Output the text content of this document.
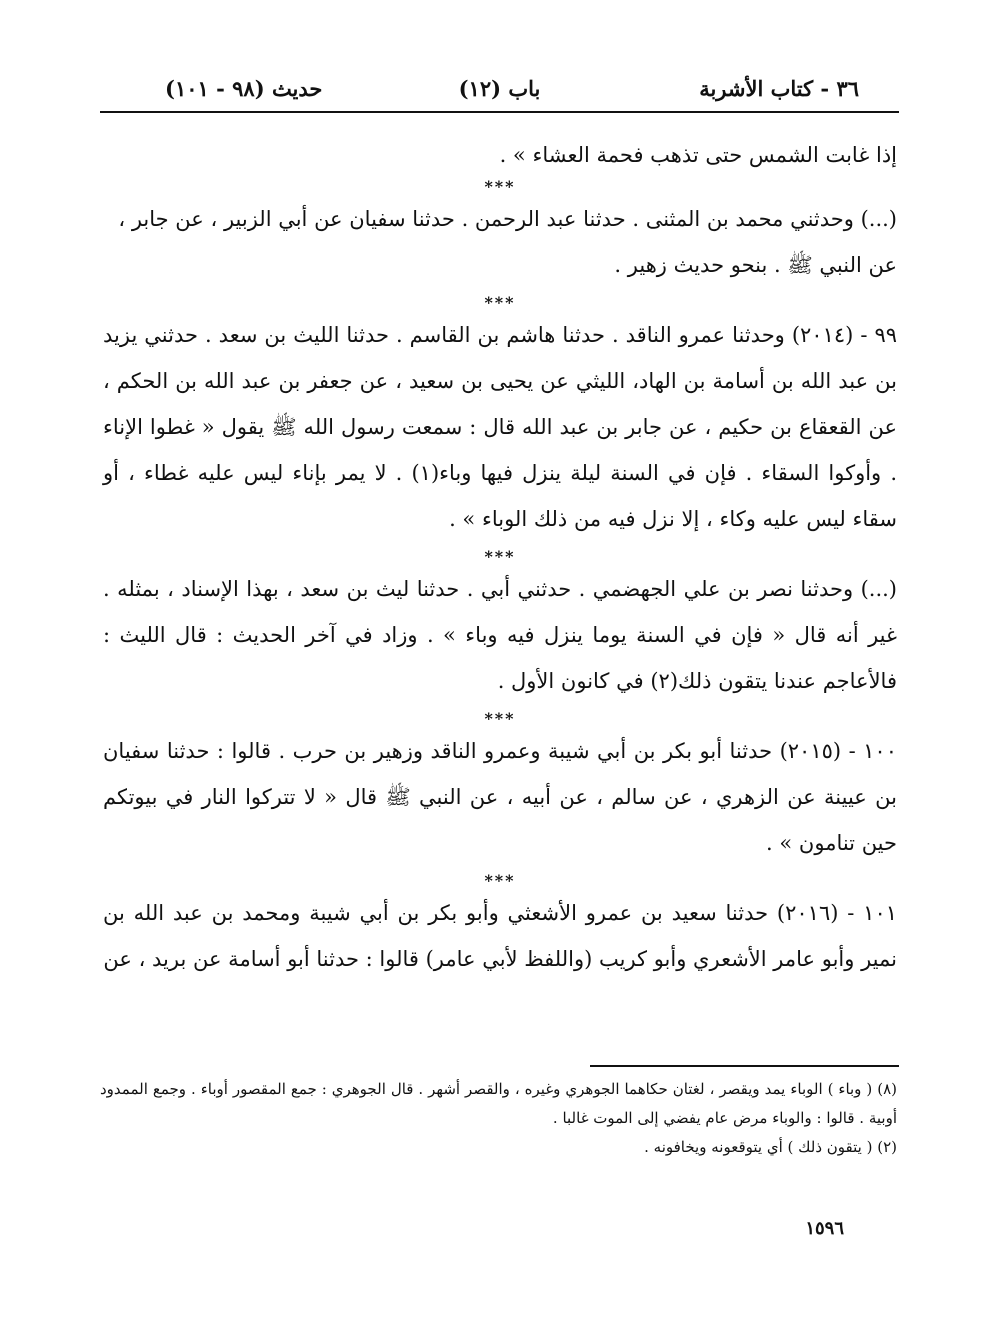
٣٦ - كتاب الأشربة
(١٢) باب
(٩٨ - ١٠١) حديث

إذا غابت الشمس حتى تذهب فحمة العشاء » .

***

(...) وحدثني محمد بن المثنى . حدثنا عبد الرحمن . حدثنا سفيان عن أبي الزبير ، عن جابر ،

عن النبي ﷺ . بنحو حديث زهير .

***

٩٩ - (٢٠١٤) وحدثنا عمرو الناقد . حدثنا هاشم بن القاسم . حدثنا الليث بن سعد . حدثني يزيد بن عبد الله بن أسامة بن الهاد، الليثي عن يحيى بن سعيد ، عن جعفر بن عبد الله بن الحكم ، عن القعقاع بن حكيم ، عن جابر بن عبد الله قال : سمعت رسول الله ﷺ يقول « غطوا الإناء . وأوكوا السقاء . فإن في السنة ليلة ينزل فيها وباء(١) . لا يمر بإناء ليس عليه غطاء ، أو سقاء ليس عليه وكاء ، إلا نزل فيه من ذلك الوباء » .

***

(...) وحدثنا نصر بن علي الجهضمي . حدثني أبي . حدثنا ليث بن سعد ، بهذا الإسناد ، بمثله . غير أنه قال « فإن في السنة يوما ينزل فيه وباء » . وزاد في آخر الحديث : قال الليث : فالأعاجم عندنا يتقون ذلك(٢) في كانون الأول .

***

١٠٠ - (٢٠١٥) حدثنا أبو بكر بن أبي شيبة وعمرو الناقد وزهير بن حرب . قالوا : حدثنا سفيان بن عيينة عن الزهري ، عن سالم ، عن أبيه ، عن النبي ﷺ قال « لا تتركوا النار في بيوتكم حين تنامون » .

***

١٠١ - (٢٠١٦) حدثنا سعيد بن عمرو الأشعثي وأبو بكر بن أبي شيبة ومحمد بن عبد الله بن نمير وأبو عامر الأشعري وأبو كريب (واللفظ لأبي عامر) قالوا : حدثنا أبو أسامة عن بريد ، عن

(٨) ( وباء ) الوباء يمد ويقصر ، لغتان حكاهما الجوهري وغيره ، والقصر أشهر . قال الجوهري : جمع المقصور أوباء . وجمع الممدود أوبية . قالوا : والوباء مرض عام يفضي إلى الموت غالبا .

(٢) ( يتقون ذلك ) أي يتوقعونه ويخافونه .

١٥٩٦
